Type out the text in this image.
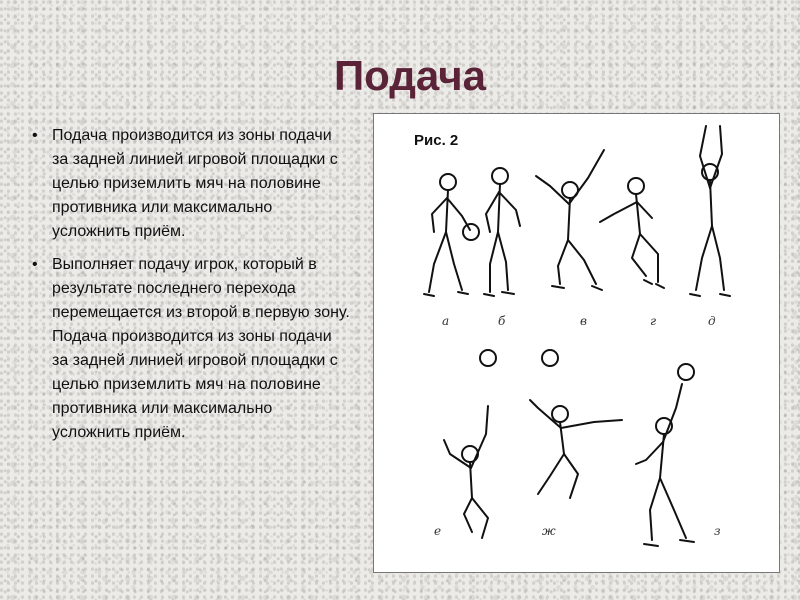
Подача
• Подача производится из зоны подачи за задней линией игровой площадки с целью приземлить мяч на половине противника или максимально усложнить приём.
• Выполняет подачу игрок, который в результате последнего перехода перемещается из второй в первую зону. Подача производится из зоны подачи за задней линией игровой площадки с целью приземлить мяч на половине противника или максимально усложнить приём.
Рис. 2
а	б	в	г	д
е	ж	з
